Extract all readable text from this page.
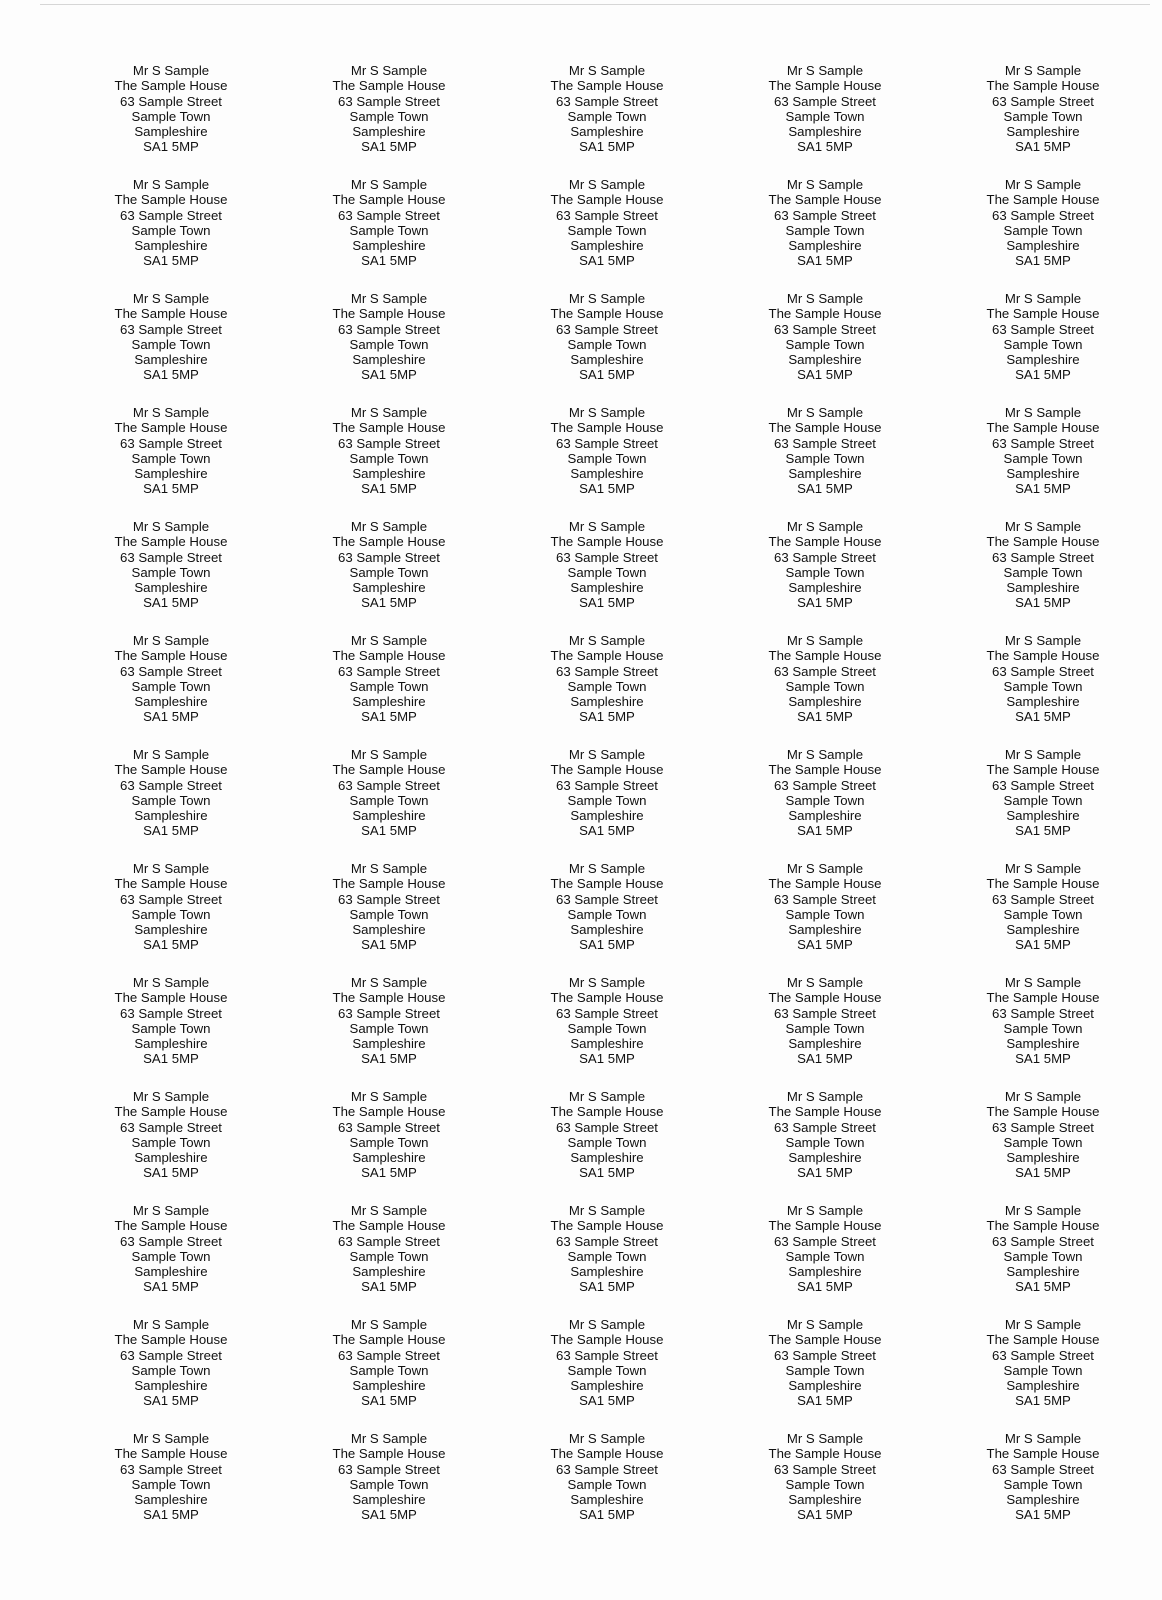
Mr S Sample
The Sample House
63 Sample Street
Sample Town
Sampleshire
SA1 5MP
Mr S Sample
The Sample House
63 Sample Street
Sample Town
Sampleshire
SA1 5MP
Mr S Sample
The Sample House
63 Sample Street
Sample Town
Sampleshire
SA1 5MP
Mr S Sample
The Sample House
63 Sample Street
Sample Town
Sampleshire
SA1 5MP
Mr S Sample
The Sample House
63 Sample Street
Sample Town
Sampleshire
SA1 5MP
Mr S Sample
The Sample House
63 Sample Street
Sample Town
Sampleshire
SA1 5MP
Mr S Sample
The Sample House
63 Sample Street
Sample Town
Sampleshire
SA1 5MP
Mr S Sample
The Sample House
63 Sample Street
Sample Town
Sampleshire
SA1 5MP
Mr S Sample
The Sample House
63 Sample Street
Sample Town
Sampleshire
SA1 5MP
Mr S Sample
The Sample House
63 Sample Street
Sample Town
Sampleshire
SA1 5MP
Mr S Sample
The Sample House
63 Sample Street
Sample Town
Sampleshire
SA1 5MP
Mr S Sample
The Sample House
63 Sample Street
Sample Town
Sampleshire
SA1 5MP
Mr S Sample
The Sample House
63 Sample Street
Sample Town
Sampleshire
SA1 5MP
Mr S Sample
The Sample House
63 Sample Street
Sample Town
Sampleshire
SA1 5MP
Mr S Sample
The Sample House
63 Sample Street
Sample Town
Sampleshire
SA1 5MP
Mr S Sample
The Sample House
63 Sample Street
Sample Town
Sampleshire
SA1 5MP
Mr S Sample
The Sample House
63 Sample Street
Sample Town
Sampleshire
SA1 5MP
Mr S Sample
The Sample House
63 Sample Street
Sample Town
Sampleshire
SA1 5MP
Mr S Sample
The Sample House
63 Sample Street
Sample Town
Sampleshire
SA1 5MP
Mr S Sample
The Sample House
63 Sample Street
Sample Town
Sampleshire
SA1 5MP
Mr S Sample
The Sample House
63 Sample Street
Sample Town
Sampleshire
SA1 5MP
Mr S Sample
The Sample House
63 Sample Street
Sample Town
Sampleshire
SA1 5MP
Mr S Sample
The Sample House
63 Sample Street
Sample Town
Sampleshire
SA1 5MP
Mr S Sample
The Sample House
63 Sample Street
Sample Town
Sampleshire
SA1 5MP
Mr S Sample
The Sample House
63 Sample Street
Sample Town
Sampleshire
SA1 5MP
Mr S Sample
The Sample House
63 Sample Street
Sample Town
Sampleshire
SA1 5MP
Mr S Sample
The Sample House
63 Sample Street
Sample Town
Sampleshire
SA1 5MP
Mr S Sample
The Sample House
63 Sample Street
Sample Town
Sampleshire
SA1 5MP
Mr S Sample
The Sample House
63 Sample Street
Sample Town
Sampleshire
SA1 5MP
Mr S Sample
The Sample House
63 Sample Street
Sample Town
Sampleshire
SA1 5MP
Mr S Sample
The Sample House
63 Sample Street
Sample Town
Sampleshire
SA1 5MP
Mr S Sample
The Sample House
63 Sample Street
Sample Town
Sampleshire
SA1 5MP
Mr S Sample
The Sample House
63 Sample Street
Sample Town
Sampleshire
SA1 5MP
Mr S Sample
The Sample House
63 Sample Street
Sample Town
Sampleshire
SA1 5MP
Mr S Sample
The Sample House
63 Sample Street
Sample Town
Sampleshire
SA1 5MP
Mr S Sample
The Sample House
63 Sample Street
Sample Town
Sampleshire
SA1 5MP
Mr S Sample
The Sample House
63 Sample Street
Sample Town
Sampleshire
SA1 5MP
Mr S Sample
The Sample House
63 Sample Street
Sample Town
Sampleshire
SA1 5MP
Mr S Sample
The Sample House
63 Sample Street
Sample Town
Sampleshire
SA1 5MP
Mr S Sample
The Sample House
63 Sample Street
Sample Town
Sampleshire
SA1 5MP
Mr S Sample
The Sample House
63 Sample Street
Sample Town
Sampleshire
SA1 5MP
Mr S Sample
The Sample House
63 Sample Street
Sample Town
Sampleshire
SA1 5MP
Mr S Sample
The Sample House
63 Sample Street
Sample Town
Sampleshire
SA1 5MP
Mr S Sample
The Sample House
63 Sample Street
Sample Town
Sampleshire
SA1 5MP
Mr S Sample
The Sample House
63 Sample Street
Sample Town
Sampleshire
SA1 5MP
Mr S Sample
The Sample House
63 Sample Street
Sample Town
Sampleshire
SA1 5MP
Mr S Sample
The Sample House
63 Sample Street
Sample Town
Sampleshire
SA1 5MP
Mr S Sample
The Sample House
63 Sample Street
Sample Town
Sampleshire
SA1 5MP
Mr S Sample
The Sample House
63 Sample Street
Sample Town
Sampleshire
SA1 5MP
Mr S Sample
The Sample House
63 Sample Street
Sample Town
Sampleshire
SA1 5MP
Mr S Sample
The Sample House
63 Sample Street
Sample Town
Sampleshire
SA1 5MP
Mr S Sample
The Sample House
63 Sample Street
Sample Town
Sampleshire
SA1 5MP
Mr S Sample
The Sample House
63 Sample Street
Sample Town
Sampleshire
SA1 5MP
Mr S Sample
The Sample House
63 Sample Street
Sample Town
Sampleshire
SA1 5MP
Mr S Sample
The Sample House
63 Sample Street
Sample Town
Sampleshire
SA1 5MP
Mr S Sample
The Sample House
63 Sample Street
Sample Town
Sampleshire
SA1 5MP
Mr S Sample
The Sample House
63 Sample Street
Sample Town
Sampleshire
SA1 5MP
Mr S Sample
The Sample House
63 Sample Street
Sample Town
Sampleshire
SA1 5MP
Mr S Sample
The Sample House
63 Sample Street
Sample Town
Sampleshire
SA1 5MP
Mr S Sample
The Sample House
63 Sample Street
Sample Town
Sampleshire
SA1 5MP
Mr S Sample
The Sample House
63 Sample Street
Sample Town
Sampleshire
SA1 5MP
Mr S Sample
The Sample House
63 Sample Street
Sample Town
Sampleshire
SA1 5MP
Mr S Sample
The Sample House
63 Sample Street
Sample Town
Sampleshire
SA1 5MP
Mr S Sample
The Sample House
63 Sample Street
Sample Town
Sampleshire
SA1 5MP
Mr S Sample
The Sample House
63 Sample Street
Sample Town
Sampleshire
SA1 5MP
